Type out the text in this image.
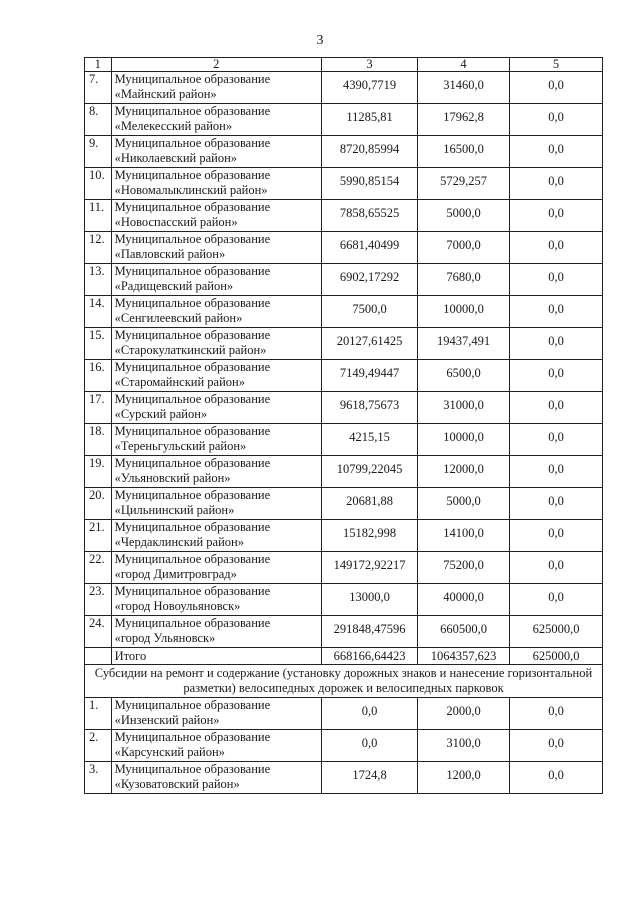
3
1	2	3	4	5
7.	Муниципальное образование
«Майнский район»	4390,7719	31460,0	0,0
8.	Муниципальное образование
«Мелекесский район»	11285,81	17962,8	0,0
9.	Муниципальное образование
«Николаевский район»	8720,85994	16500,0	0,0
10.	Муниципальное образование
«Новомалыклинский район»	5990,85154	5729,257	0,0
11.	Муниципальное образование
«Новоспасский район»	7858,65525	5000,0	0,0
12.	Муниципальное образование
«Павловский район»	6681,40499	7000,0	0,0
13.	Муниципальное образование
«Радищевский район»	6902,17292	7680,0	0,0
14.	Муниципальное образование
«Сенгилеевский район»	7500,0	10000,0	0,0
15.	Муниципальное образование
«Старокулаткинский район»	20127,61425	19437,491	0,0
16.	Муниципальное образование
«Старомайнский район»	7149,49447	6500,0	0,0
17.	Муниципальное образование
«Сурский район»	9618,75673	31000,0	0,0
18.	Муниципальное образование
«Тереньгульский район»	4215,15	10000,0	0,0
19.	Муниципальное образование
«Ульяновский район»	10799,22045	12000,0	0,0
20.	Муниципальное образование
«Цильнинский район»	20681,88	5000,0	0,0
21.	Муниципальное образование
«Чердаклинский район»	15182,998	14100,0	0,0
22.	Муниципальное образование
«город Димитровград»	149172,92217	75200,0	0,0
23.	Муниципальное образование
«город Новоульяновск»	13000,0	40000,0	0,0
24.	Муниципальное образование
«город Ульяновск»	291848,47596	660500,0	625000,0
	Итого	668166,64423	1064357,623	625000,0
Субсидии на ремонт и содержание (установку дорожных знаков и нанесение горизонтальной разметки) велосипедных дорожек и велосипедных парковок				
1.	Муниципальное образование
«Инзенский район»	0,0	2000,0	0,0
2.	Муниципальное образование
«Карсунский район»	0,0	3100,0	0,0
3.	Муниципальное образование
«Кузоватовский район»	1724,8	1200,0	0,0
